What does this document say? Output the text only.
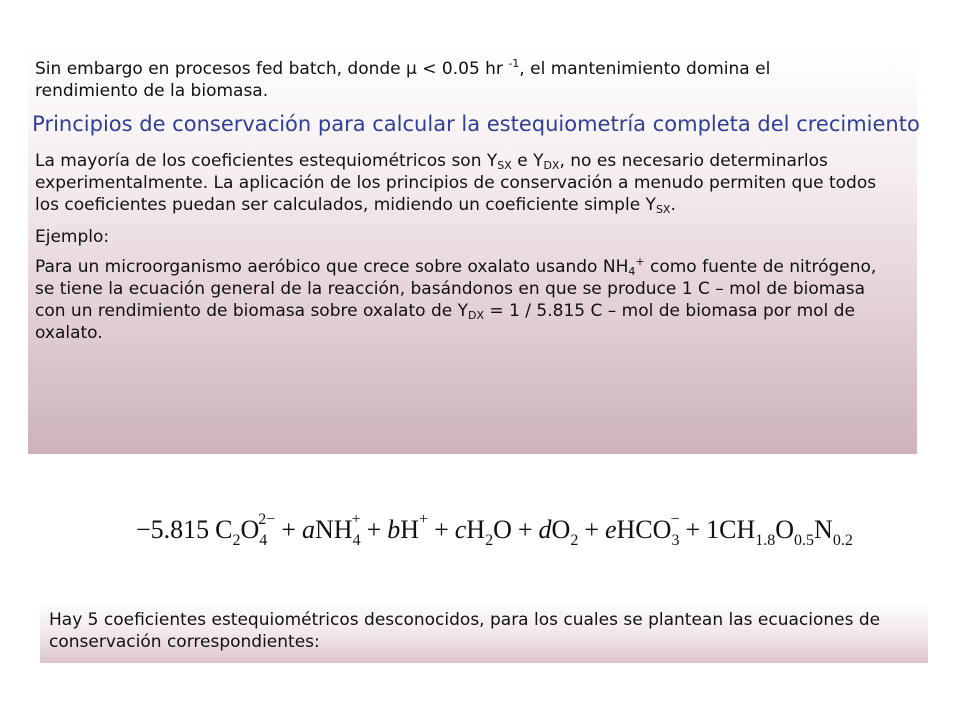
Sin embargo en procesos fed batch, donde μ < 0.05 hr $^{-1}$, el mantenimiento domina el rendimiento de la biomasa.

Principios de conservación para calcular la estequiometría completa del crecimiento

La mayoría de los coeficientes estequiométricos son YSX e YDX, no es necesario determinarlos experimentalmente. La aplicación de los principios de conservación a menudo permiten que todos los coeficientes puedan ser calculados, midiendo un coeficiente simple YSX.

Ejemplo:

Para un microorganismo aeróbico que crece sobre oxalato usando NH4+ como fuente de nitrógeno, se tiene la ecuación general de la reacción, basándonos en que se produce 1 C – mol de biomasa con un rendimiento de biomasa sobre oxalato de YDX = 1 / 5.815 C – mol de biomasa por mol de oxalato.

−5.815 $C_2O_42- + aNH_4+ + bH^+ + cH_2O + dO_2$ + eHCO$_3$− + $1CH_{1.8}O_{0.5}N_{0.2}$

Hay 5 coeficientes estequiométricos desconocidos, para los cuales se plantean las ecuaciones de conservación correspondientes:
